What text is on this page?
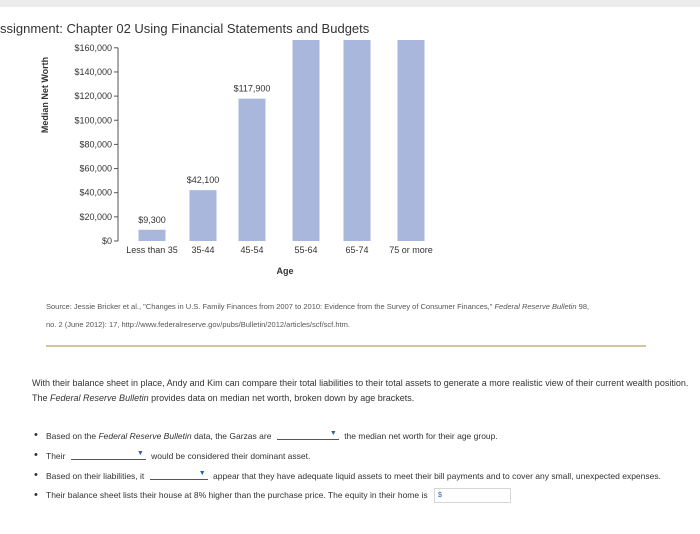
ssignment: Chapter 02 Using Financial Statements and Budgets
$0
$20,000
$40,000
$60,000
$80,000
$100,000
$120,000
$140,000
$160,000
Median Net Worth
$9,300
Less than 35
$42,100
35-44
$117,900
45-54	55-64	65-74 75 or more
Age

Source: Jessie Bricker et al., "Changes in U.S. Family Finances from 2007 to 2010: Evidence from the Survey of Consumer Finances," Federal Reserve Bulletin 98,

no. 2 (June 2012): 17, http://www.federalreserve.gov/pubs/Bulletin/2012/articles/scf/scf.htm.

With their balance sheet in place, Andy and Kim can compare their total liabilities to their total assets to generate a more realistic view of their current wealth position. The Federal Reserve Bulletin provides data on median net worth, broken down by age brackets.

• Based on the Federal Reserve Bulletin data, the Garzas are	▼ the median net worth for their age group.
• Their	▼ would be considered their dominant asset.
• Based on their liabilities, it	▼ appear that they have adequate liquid assets to meet their bill payments and to cover any small, unexpected expenses.
• Their balance sheet lists their house at 8% higher than the purchase price. The equity in their home is $
